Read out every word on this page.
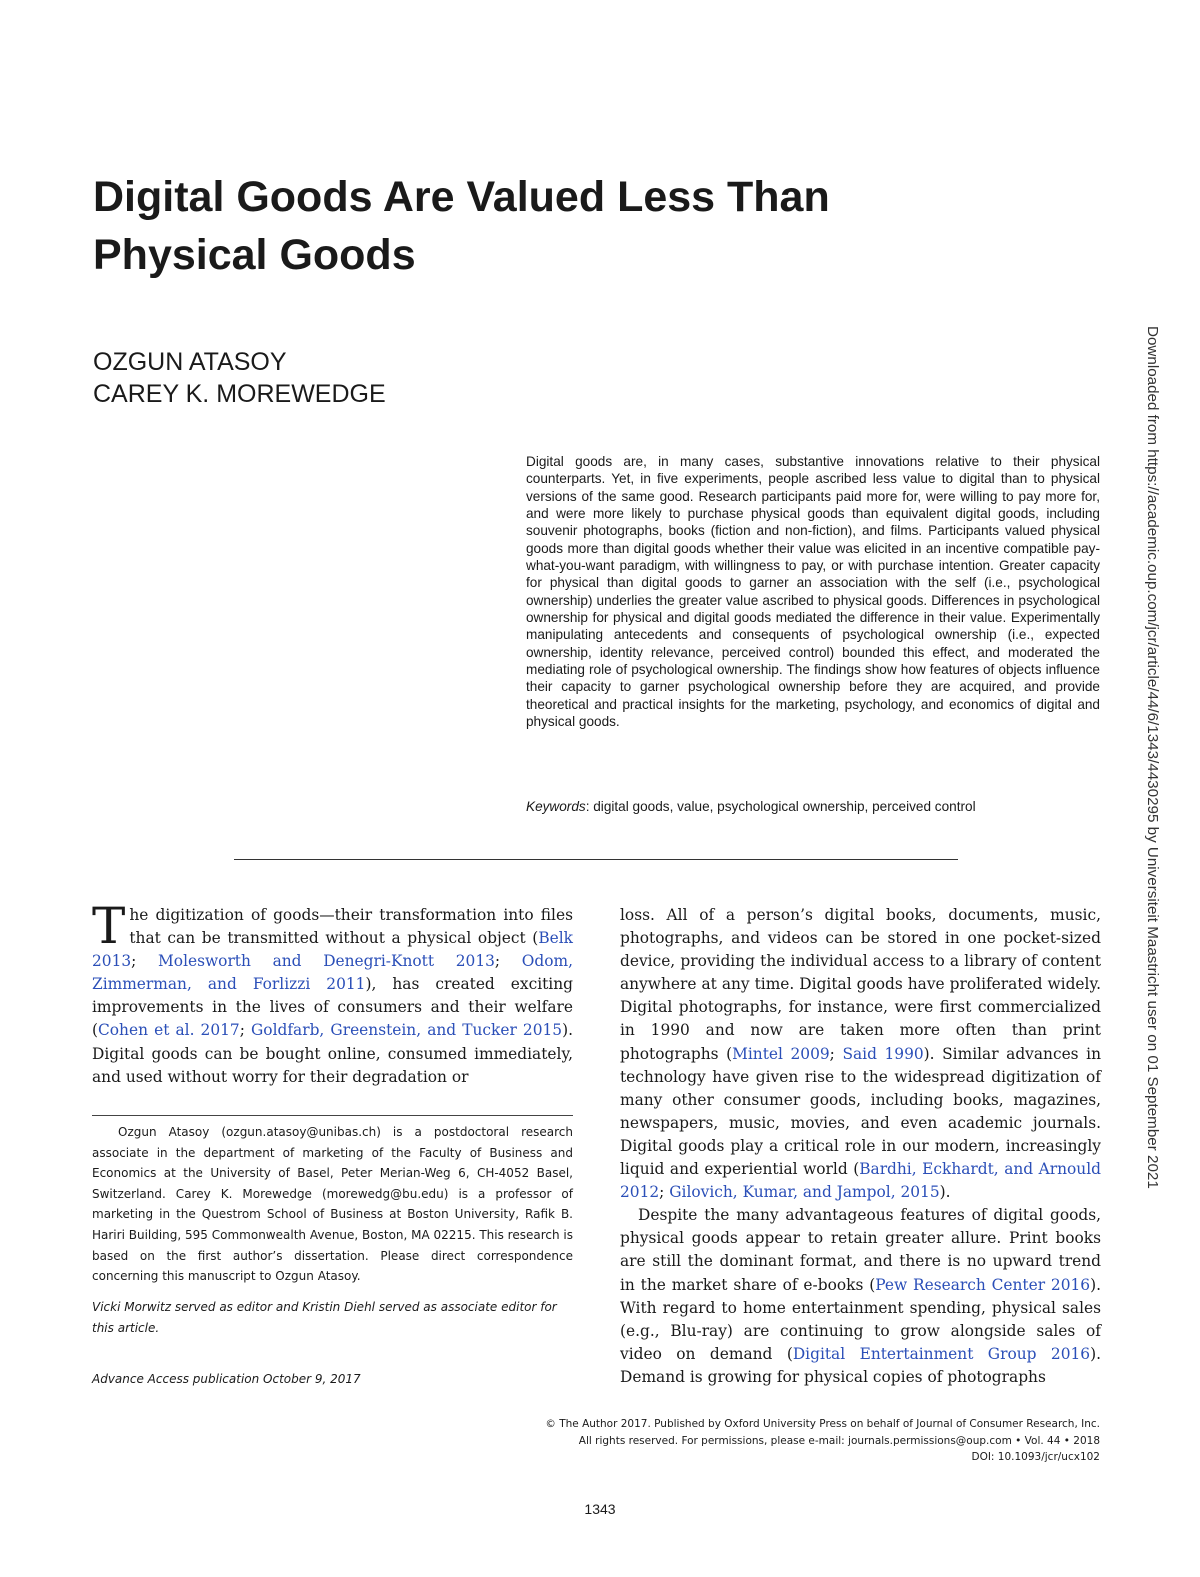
Downloaded from https://academic.oup.com/jcr/article/44/6/1343/4430295 by Universiteit Maastricht user on 01 September 2021
Digital Goods Are Valued Less Than Physical Goods
OZGUN ATASOY
CAREY K. MOREWEDGE

Digital goods are, in many cases, substantive innovations relative to their physical counterparts. Yet, in five experiments, people ascribed less value to digital than to physical versions of the same good. Research participants paid more for, were willing to pay more for, and were more likely to purchase physical goods than equivalent digital goods, including souvenir photographs, books (fiction and non-fiction), and films. Participants valued physical goods more than digital goods whether their value was elicited in an incentive compatible pay-what-you-want paradigm, with willingness to pay, or with purchase intention. Greater capacity for physical than digital goods to garner an association with the self (i.e., psychological ownership) underlies the greater value ascribed to physical goods. Differences in psychological ownership for physical and digital goods mediated the difference in their value. Experimentally manipulating antecedents and consequents of psychological ownership (i.e., expected ownership, identity relevance, perceived control) bounded this effect, and moderated the mediating role of psychological ownership. The findings show how features of objects influence their capacity to garner psychological ownership before they are acquired, and provide theoretical and practical insights for the marketing, psychology, and economics of digital and physical goods.

Keywords: digital goods, value, psychological ownership, perceived control

The digitization of goods—their transformation into files that can be transmitted without a physical object (Belk 2013; Molesworth and Denegri-Knott 2013; Odom, Zimmerman, and Forlizzi 2011), has created exciting improvements in the lives of consumers and their welfare (Cohen et al. 2017; Goldfarb, Greenstein, and Tucker 2015). Digital goods can be bought online, consumed immediately, and used without worry for their degradation or

Ozgun Atasoy (ozgun.atasoy@unibas.ch) is a postdoctoral research associate in the department of marketing of the Faculty of Business and Economics at the University of Basel, Peter Merian-Weg 6, CH-4052 Basel, Switzerland. Carey K. Morewedge (morewedg@bu.edu) is a professor of marketing in the Questrom School of Business at Boston University, Rafik B. Hariri Building, 595 Commonwealth Avenue, Boston, MA 02215. This research is based on the first author’s dissertation. Please direct correspondence concerning this manuscript to Ozgun Atasoy.

Vicki Morwitz served as editor and Kristin Diehl served as associate editor for this article.
Advance Access publication October 9, 2017

loss. All of a person’s digital books, documents, music, photographs, and videos can be stored in one pocket-sized device, providing the individual access to a library of content anywhere at any time. Digital goods have proliferated widely. Digital photographs, for instance, were first commercialized in 1990 and now are taken more often than print photographs (Mintel 2009; Said 1990). Similar advances in technology have given rise to the widespread digitization of many other consumer goods, including books, magazines, newspapers, music, movies, and even academic journals. Digital goods play a critical role in our modern, increasingly liquid and experiential world (Bardhi, Eckhardt, and Arnould 2012; Gilovich, Kumar, and Jampol, 2015).

Despite the many advantageous features of digital goods, physical goods appear to retain greater allure. Print books are still the dominant format, and there is no upward trend in the market share of e-books (Pew Research Center 2016). With regard to home entertainment spending, physical sales (e.g., Blu-ray) are continuing to grow alongside sales of video on demand (Digital Entertainment Group 2016). Demand is growing for physical copies of photographs

© The Author 2017. Published by Oxford University Press on behalf of Journal of Consumer Research, Inc.
All rights reserved. For permissions, please e-mail: journals.permissions@oup.com • Vol. 44 • 2018
DOI: 10.1093/jcr/ucx102
1343
